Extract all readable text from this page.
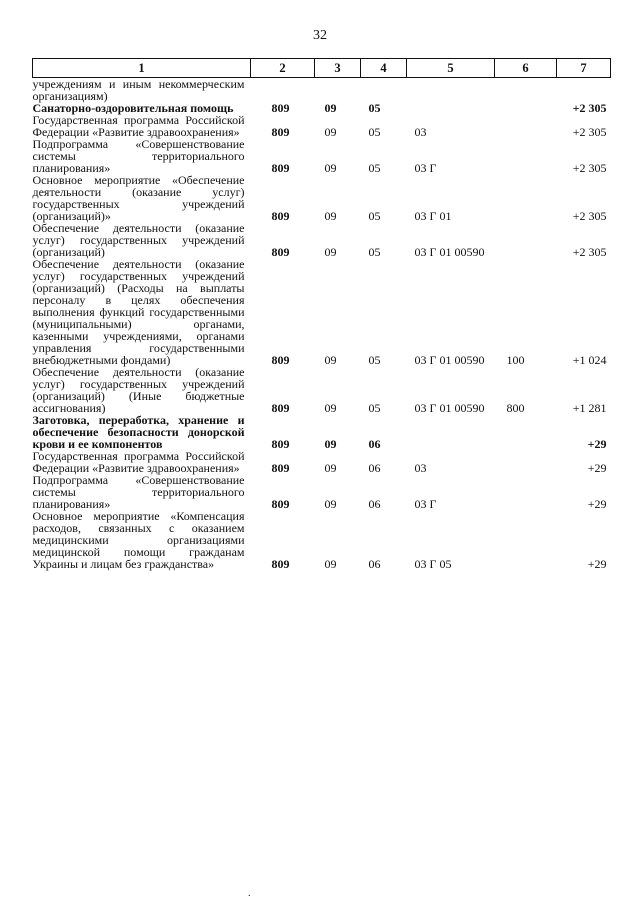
32
1	2	3	4	5	6	7
учреждениям и иным некоммерческим организациям)						
Санаторно-оздоровительная помощь	809	09	05			+2 305
Государственная программа Российской Федерации «Развитие здравоохранения»	809	09	05	03		+2 305
Подпрограмма «Совершенствование системы территориального планирования»	809	09	05	03 Г		+2 305
Основное мероприятие «Обеспечение деятельности (оказание услуг) государственных учреждений (организаций)»	809	09	05	03 Г 01		+2 305
Обеспечение деятельности (оказание услуг) государственных учреждений (организаций)	809	09	05	03 Г 01 00590		+2 305
Обеспечение деятельности (оказание услуг) государственных учреждений (организаций) (Расходы на выплаты персоналу в целях обеспечения выполнения функций государственными (муниципальными) органами, казенными учреждениями, органами управления государственными внебюджетными фондами)	809	09	05	03 Г 01 00590	100	+1 024
Обеспечение деятельности (оказание услуг) государственных учреждений (организаций) (Иные бюджетные ассигнования)	809	09	05	03 Г 01 00590	800	+1 281
Заготовка, переработка, хранение и обеспечение безопасности донорской крови и ее компонентов	809	09	06			+29
Государственная программа Российской Федерации «Развитие здравоохранения»	809	09	06	03		+29
Подпрограмма «Совершенствование системы территориального планирования»	809	09	06	03 Г		+29
Основное мероприятие «Компенсация расходов, связанных с оказанием медицинскими организациями медицинской помощи гражданам Украины и лицам без гражданства»	809	09	06	03 Г 05		+29
.
